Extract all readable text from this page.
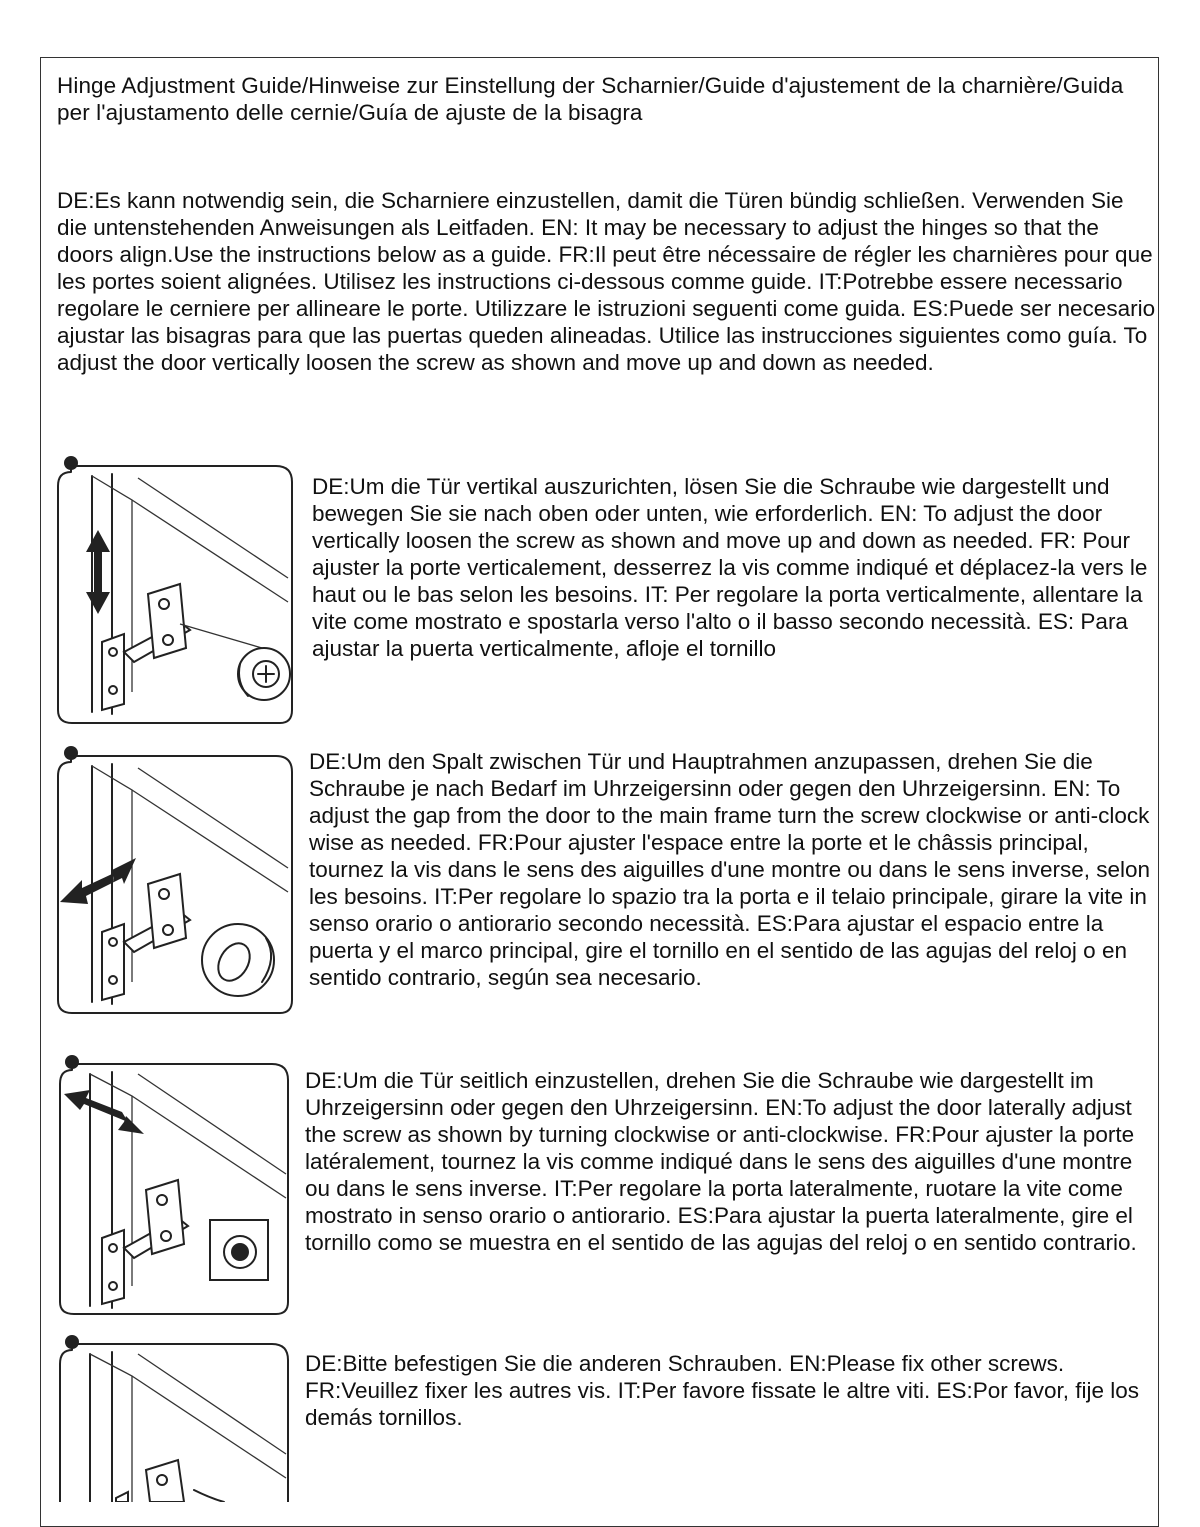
Hinge Adjustment Guide/Hinweise zur Einstellung der Scharnier/Guide d'ajustement de la charnière/Guida per l'ajustamento delle cernie/Guía de ajuste de la bisagra
DE:Es kann notwendig sein, die Scharniere einzustellen, damit die Türen bündig schließen. Verwenden Sie die untenstehenden Anweisungen als Leitfaden. EN: It may be necessary to adjust the hinges so that the doors align.Use the instructions below as a guide. FR:Il peut être nécessaire de régler les charnières pour que les portes soient alignées. Utilisez les instructions ci-dessous comme guide. IT:Potrebbe essere necessario regolare le cerniere per allineare le porte. Utilizzare le istruzioni seguenti come guida. ES:Puede ser necesario ajustar las bisagras para que las puertas queden alineadas. Utilice las instrucciones siguientes como guía. To adjust the door vertically loosen the screw as shown and move up and down as needed.
DE:Um die Tür vertikal auszurichten, lösen Sie die Schraube wie dargestellt und bewegen Sie sie nach oben oder unten, wie erforderlich. EN: To adjust the door vertically loosen the screw as shown and move up and down as needed. FR: Pour ajuster la porte verticalement, desserrez la vis comme indiqué et déplacez-la vers le haut ou le bas selon les besoins. IT: Per regolare la porta verticalmente, allentare la vite come mostrato e spostarla verso l'alto o il basso secondo necessità. ES: Para ajustar la puerta verticalmente, afloje el tornillo
DE:Um den Spalt zwischen Tür und Hauptrahmen anzupassen, drehen Sie die Schraube je nach Bedarf im Uhrzeigersinn oder gegen den Uhrzeigersinn. EN: To adjust the gap from the door to the main frame turn the screw clockwise or anti-clock wise as needed. FR:Pour ajuster l'espace entre la porte et le châssis principal, tournez la vis dans le sens des aiguilles d'une montre ou dans le sens inverse, selon les besoins. IT:Per regolare lo spazio tra la porta e il telaio principale, girare la vite in senso orario o antiorario secondo necessità. ES:Para ajustar el espacio entre la puerta y el marco principal, gire el tornillo en el sentido de las agujas del reloj o en sentido contrario, según sea necesario.
DE:Um die Tür seitlich einzustellen, drehen Sie die Schraube wie dargestellt im Uhrzeigersinn oder gegen den Uhrzeigersinn. EN:To adjust the door laterally adjust the screw as shown by turning clockwise or anti-clockwise. FR:Pour ajuster la porte latéralement, tournez la vis comme indiqué dans le sens des aiguilles d'une montre ou dans le sens inverse. IT:Per regolare la porta lateralmente, ruotare la vite come mostrato in senso orario o antiorario. ES:Para ajustar la puerta lateralmente, gire el tornillo como se muestra en el sentido de las agujas del reloj o en sentido contrario.
DE:Bitte befestigen Sie die anderen Schrauben. EN:Please fix other screws. FR:Veuillez fixer les autres vis. IT:Per favore fissate le altre viti. ES:Por favor, fije los demás tornillos.
